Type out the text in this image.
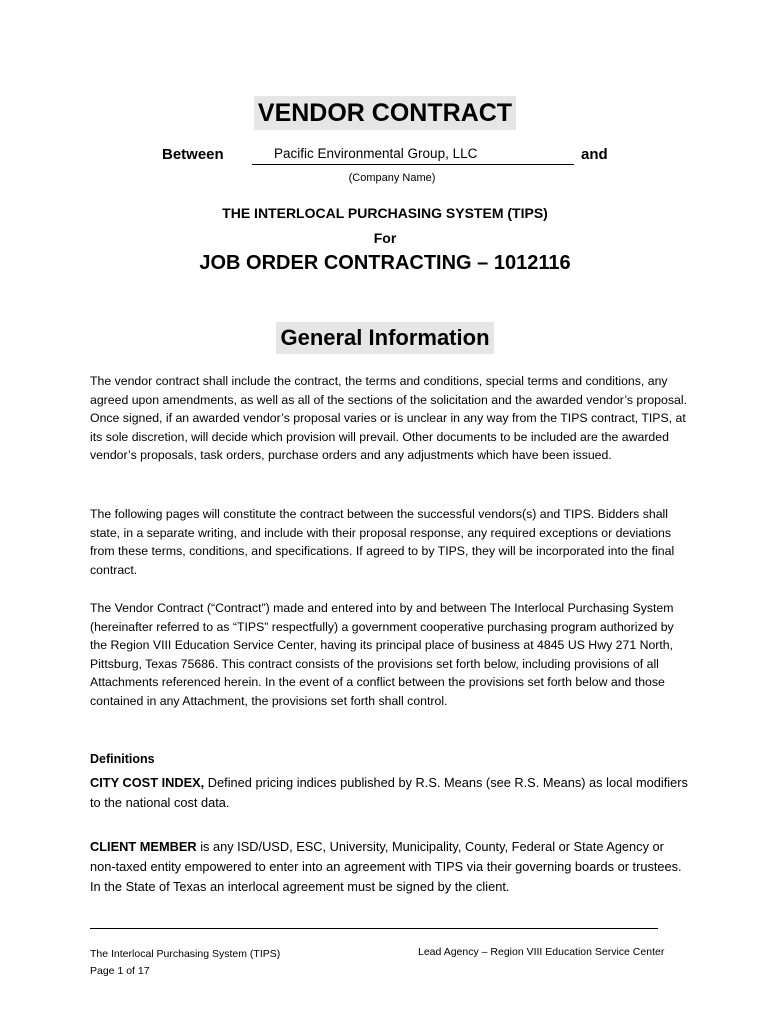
VENDOR CONTRACT
Between	Pacific Environmental Group, LLC	and
(Company Name)
THE INTERLOCAL PURCHASING SYSTEM (TIPS)
For
JOB ORDER CONTRACTING – 1012116
General Information

The vendor contract shall include the contract, the terms and conditions, special terms and conditions, any agreed upon amendments, as well as all of the sections of the solicitation and the awarded vendor’s proposal. Once signed, if an awarded vendor’s proposal varies or is unclear in any way from the TIPS contract, TIPS, at its sole discretion, will decide which provision will prevail. Other documents to be included are the awarded vendor’s proposals, task orders, purchase orders and any adjustments which have been issued.

The following pages will constitute the contract between the successful vendors(s) and TIPS. Bidders shall state, in a separate writing, and include with their proposal response, any required exceptions or deviations from these terms, conditions, and specifications. If agreed to by TIPS, they will be incorporated into the final contract.

The Vendor Contract (“Contract”) made and entered into by and between The Interlocal Purchasing System (hereinafter referred to as “TIPS” respectfully) a government cooperative purchasing program authorized by the Region VIII Education Service Center, having its principal place of business at 4845 US Hwy 271 North, Pittsburg, Texas 75686. This contract consists of the provisions set forth below, including provisions of all Attachments referenced herein. In the event of a conflict between the provisions set forth below and those contained in any Attachment, the provisions set forth shall control.

Definitions

CITY COST INDEX, Defined pricing indices published by R.S. Means (see R.S. Means) as local modifiers to the national cost data.

CLIENT MEMBER is any ISD/USD, ESC, University, Municipality, County, Federal or State Agency or non-taxed entity empowered to enter into an agreement with TIPS via their governing boards or trustees. In the State of Texas an interlocal agreement must be signed by the client.

The Interlocal Purchasing System (TIPS)
Page 1 of 17
Lead Agency – Region VIII Education Service Center
